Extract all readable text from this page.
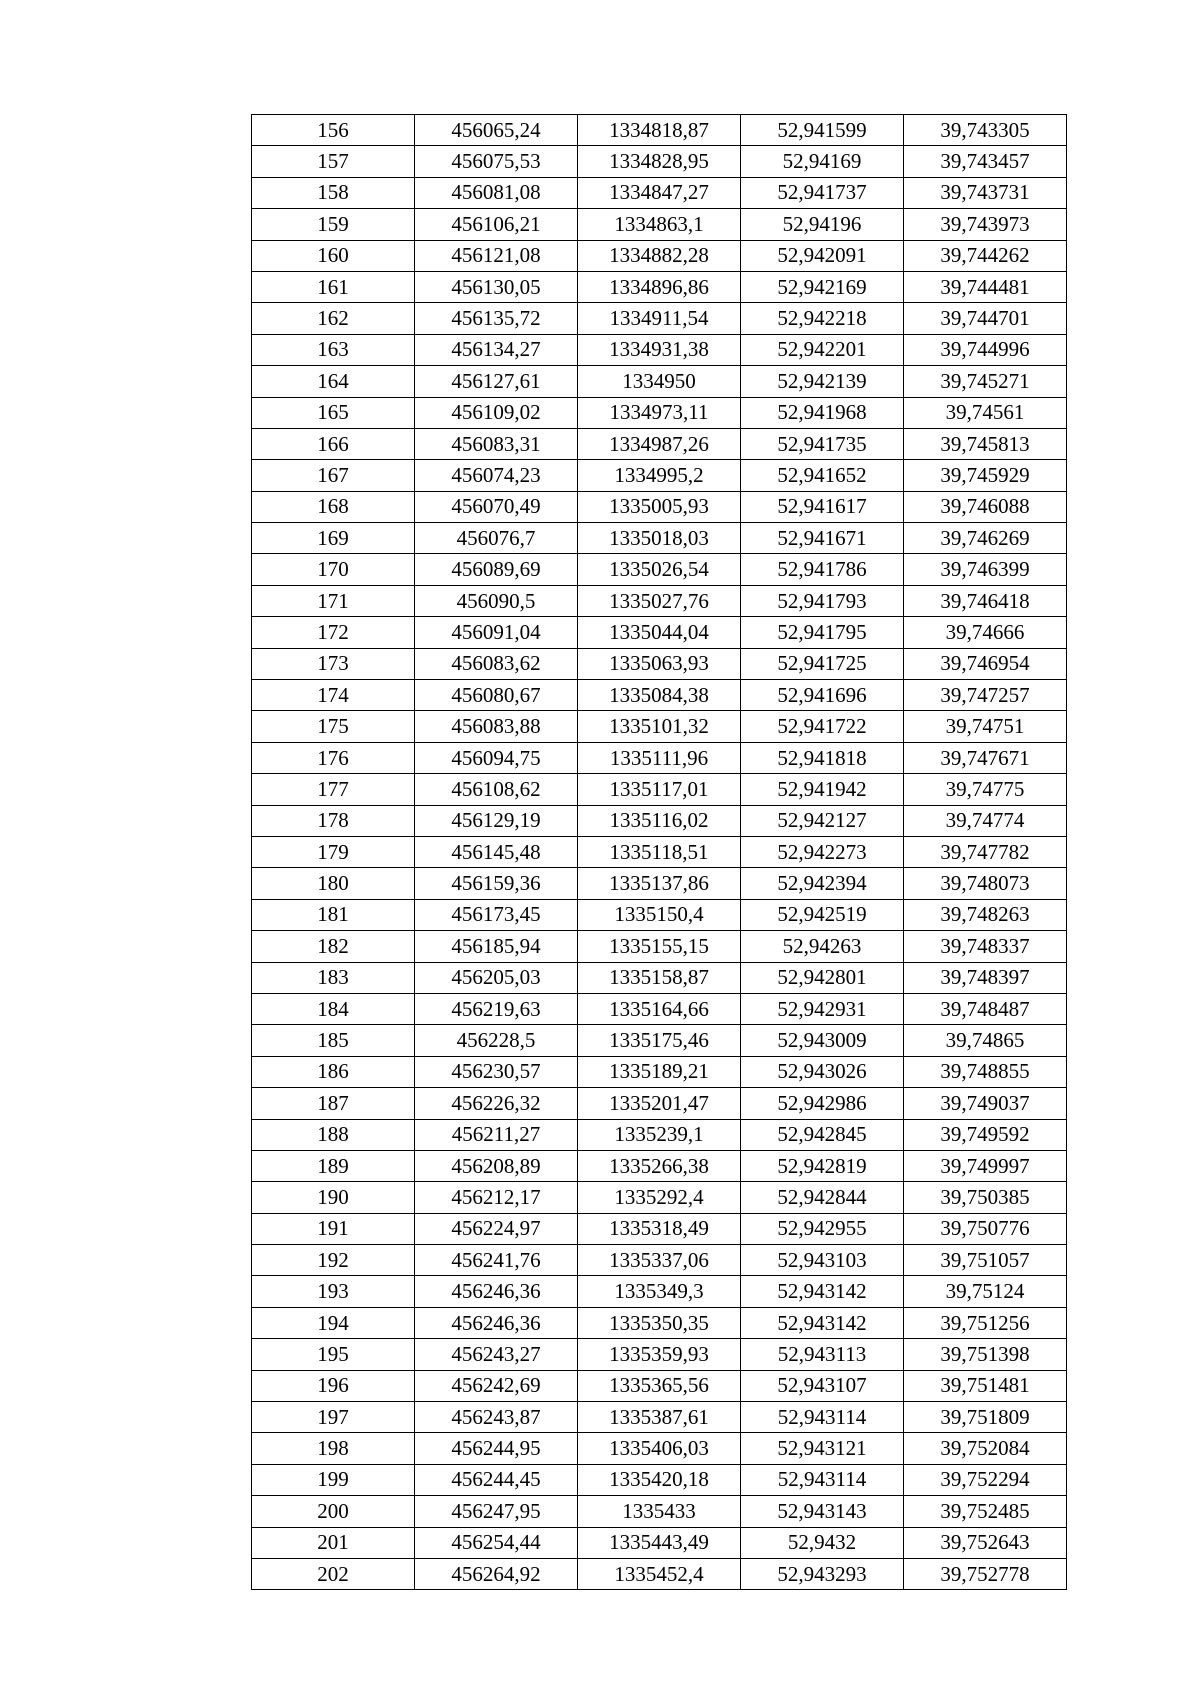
156	456065,24	1334818,87	52,941599	39,743305
157	456075,53	1334828,95	52,94169	39,743457
158	456081,08	1334847,27	52,941737	39,743731
159	456106,21	1334863,1	52,94196	39,743973
160	456121,08	1334882,28	52,942091	39,744262
161	456130,05	1334896,86	52,942169	39,744481
162	456135,72	1334911,54	52,942218	39,744701
163	456134,27	1334931,38	52,942201	39,744996
164	456127,61	1334950	52,942139	39,745271
165	456109,02	1334973,11	52,941968	39,74561
166	456083,31	1334987,26	52,941735	39,745813
167	456074,23	1334995,2	52,941652	39,745929
168	456070,49	1335005,93	52,941617	39,746088
169	456076,7	1335018,03	52,941671	39,746269
170	456089,69	1335026,54	52,941786	39,746399
171	456090,5	1335027,76	52,941793	39,746418
172	456091,04	1335044,04	52,941795	39,74666
173	456083,62	1335063,93	52,941725	39,746954
174	456080,67	1335084,38	52,941696	39,747257
175	456083,88	1335101,32	52,941722	39,74751
176	456094,75	1335111,96	52,941818	39,747671
177	456108,62	1335117,01	52,941942	39,74775
178	456129,19	1335116,02	52,942127	39,74774
179	456145,48	1335118,51	52,942273	39,747782
180	456159,36	1335137,86	52,942394	39,748073
181	456173,45	1335150,4	52,942519	39,748263
182	456185,94	1335155,15	52,94263	39,748337
183	456205,03	1335158,87	52,942801	39,748397
184	456219,63	1335164,66	52,942931	39,748487
185	456228,5	1335175,46	52,943009	39,74865
186	456230,57	1335189,21	52,943026	39,748855
187	456226,32	1335201,47	52,942986	39,749037
188	456211,27	1335239,1	52,942845	39,749592
189	456208,89	1335266,38	52,942819	39,749997
190	456212,17	1335292,4	52,942844	39,750385
191	456224,97	1335318,49	52,942955	39,750776
192	456241,76	1335337,06	52,943103	39,751057
193	456246,36	1335349,3	52,943142	39,75124
194	456246,36	1335350,35	52,943142	39,751256
195	456243,27	1335359,93	52,943113	39,751398
196	456242,69	1335365,56	52,943107	39,751481
197	456243,87	1335387,61	52,943114	39,751809
198	456244,95	1335406,03	52,943121	39,752084
199	456244,45	1335420,18	52,943114	39,752294
200	456247,95	1335433	52,943143	39,752485
201	456254,44	1335443,49	52,9432	39,752643
202	456264,92	1335452,4	52,943293	39,752778
